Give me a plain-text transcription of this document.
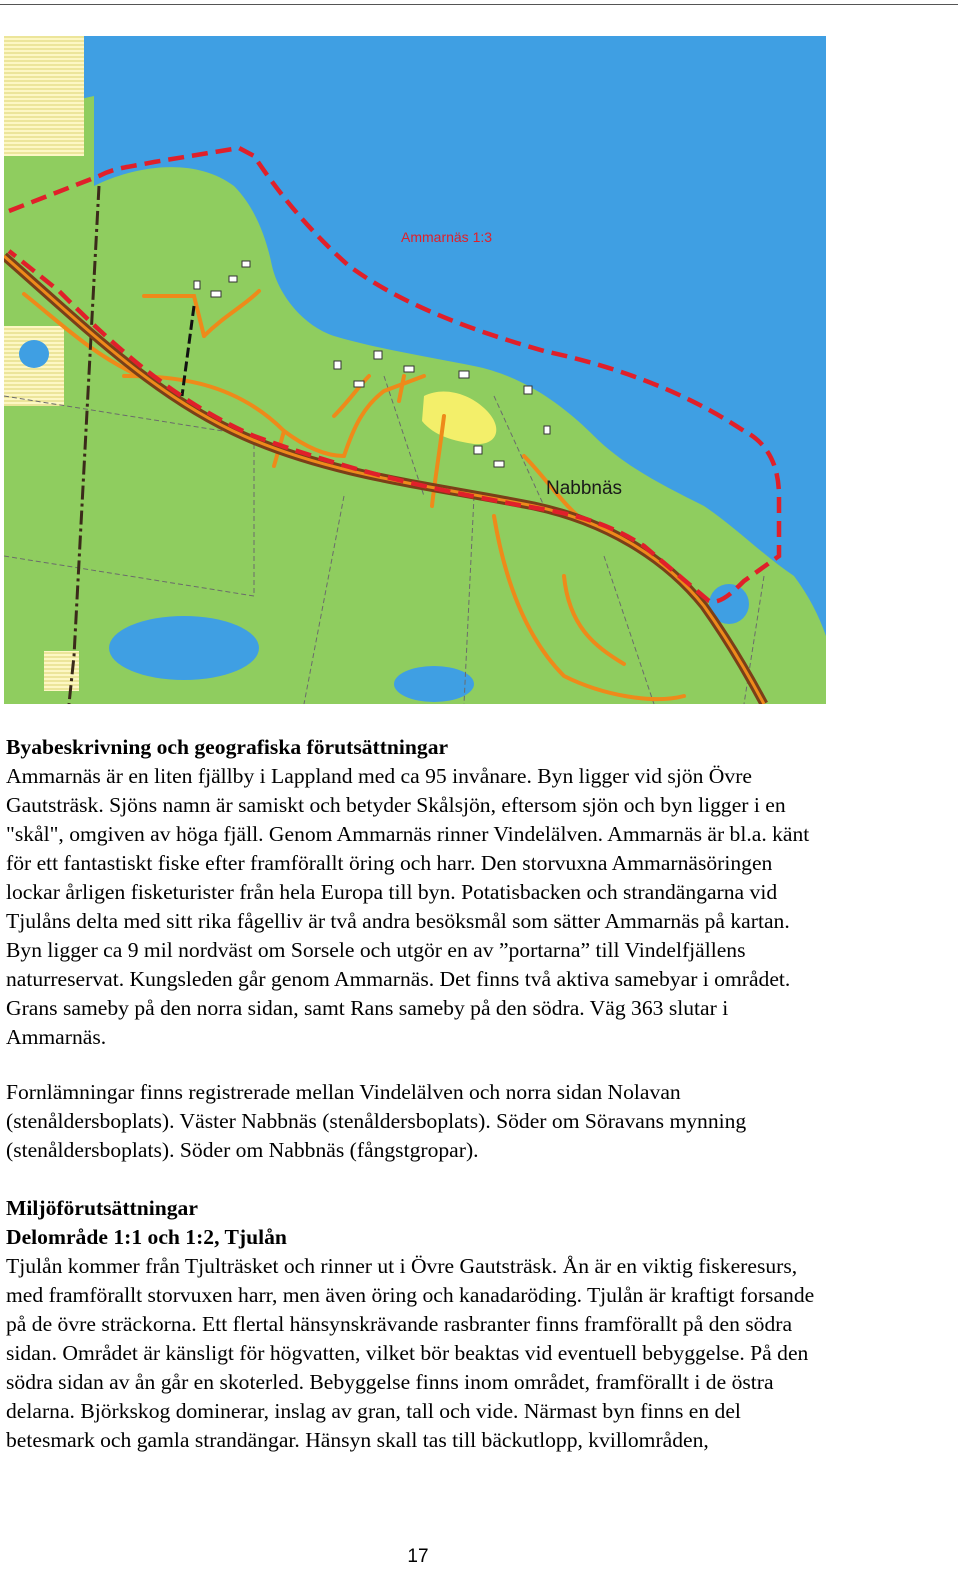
Ammarnäs 1:3
Nabbnäs

Byabeskrivning och geografiska förutsättningar

Ammarnäs är en liten fjällby i Lappland med ca 95 invånare. Byn ligger vid sjön Övre

Gautsträsk. Sjöns namn är samiskt och betyder Skålsjön, eftersom sjön och byn ligger i en

"skål", omgiven av höga fjäll. Genom Ammarnäs rinner Vindelälven. Ammarnäs är bl.a. känt

för ett fantastiskt fiske efter framförallt öring och harr. Den storvuxna Ammarnäsöringen

lockar årligen fisketurister från hela Europa till byn. Potatisbacken och strandängarna vid

Tjulåns delta med sitt rika fågelliv är två andra besöksmål som sätter Ammarnäs på kartan.

Byn ligger ca 9 mil nordväst om Sorsele och utgör en av ”portarna” till Vindelfjällens

naturreservat. Kungsleden går genom Ammarnäs. Det finns två aktiva samebyar i området.

Grans sameby på den norra sidan, samt Rans sameby på den södra. Väg 363 slutar i

Ammarnäs.

Fornlämningar finns registrerade mellan Vindelälven och norra sidan Nolavan

(stenåldersboplats). Väster Nabbnäs (stenåldersboplats). Söder om Söravans mynning

(stenåldersboplats). Söder om Nabbnäs (fångstgropar).

Miljöförutsättningar

Delområde 1:1 och 1:2, Tjulån

Tjulån kommer från Tjulträsket och rinner ut i Övre Gautsträsk. Ån är en viktig fiskeresurs,

med framförallt storvuxen harr, men även öring och kanadaröding. Tjulån är kraftigt forsande

på de övre sträckorna. Ett flertal hänsynskrävande rasbranter finns framförallt på den södra

sidan. Området är känsligt för högvatten, vilket bör beaktas vid eventuell bebyggelse. På den

södra sidan av ån går en skoterled. Bebyggelse finns inom området, framförallt i de östra

delarna. Björkskog dominerar, inslag av gran, tall och vide. Närmast byn finns en del

betesmark och gamla strandängar. Hänsyn skall tas till bäckutlopp, kvillområden,

17
